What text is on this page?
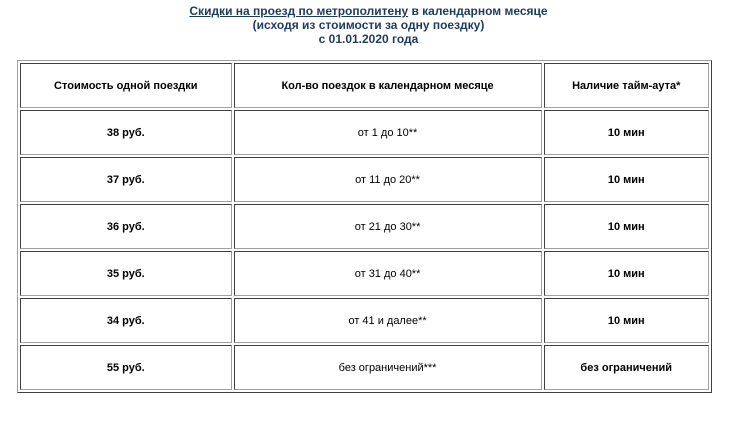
Скидки на проезд по метрополитену в календарном месяце
(исходя из стоимости за одну поездку)
с 01.01.2020 года
Стоимость одной поездки	Кол-во поездок в календарном месяце	Наличие тайм-аута*
38 руб.	от 1 до 10**	10 мин
37 руб.	от 11 до 20**	10 мин
36 руб.	от 21 до 30**	10 мин
35 руб.	от 31 до 40**	10 мин
34 руб.	от 41 и далее**	10 мин
55 руб.	без ограничений***	без ограничений
